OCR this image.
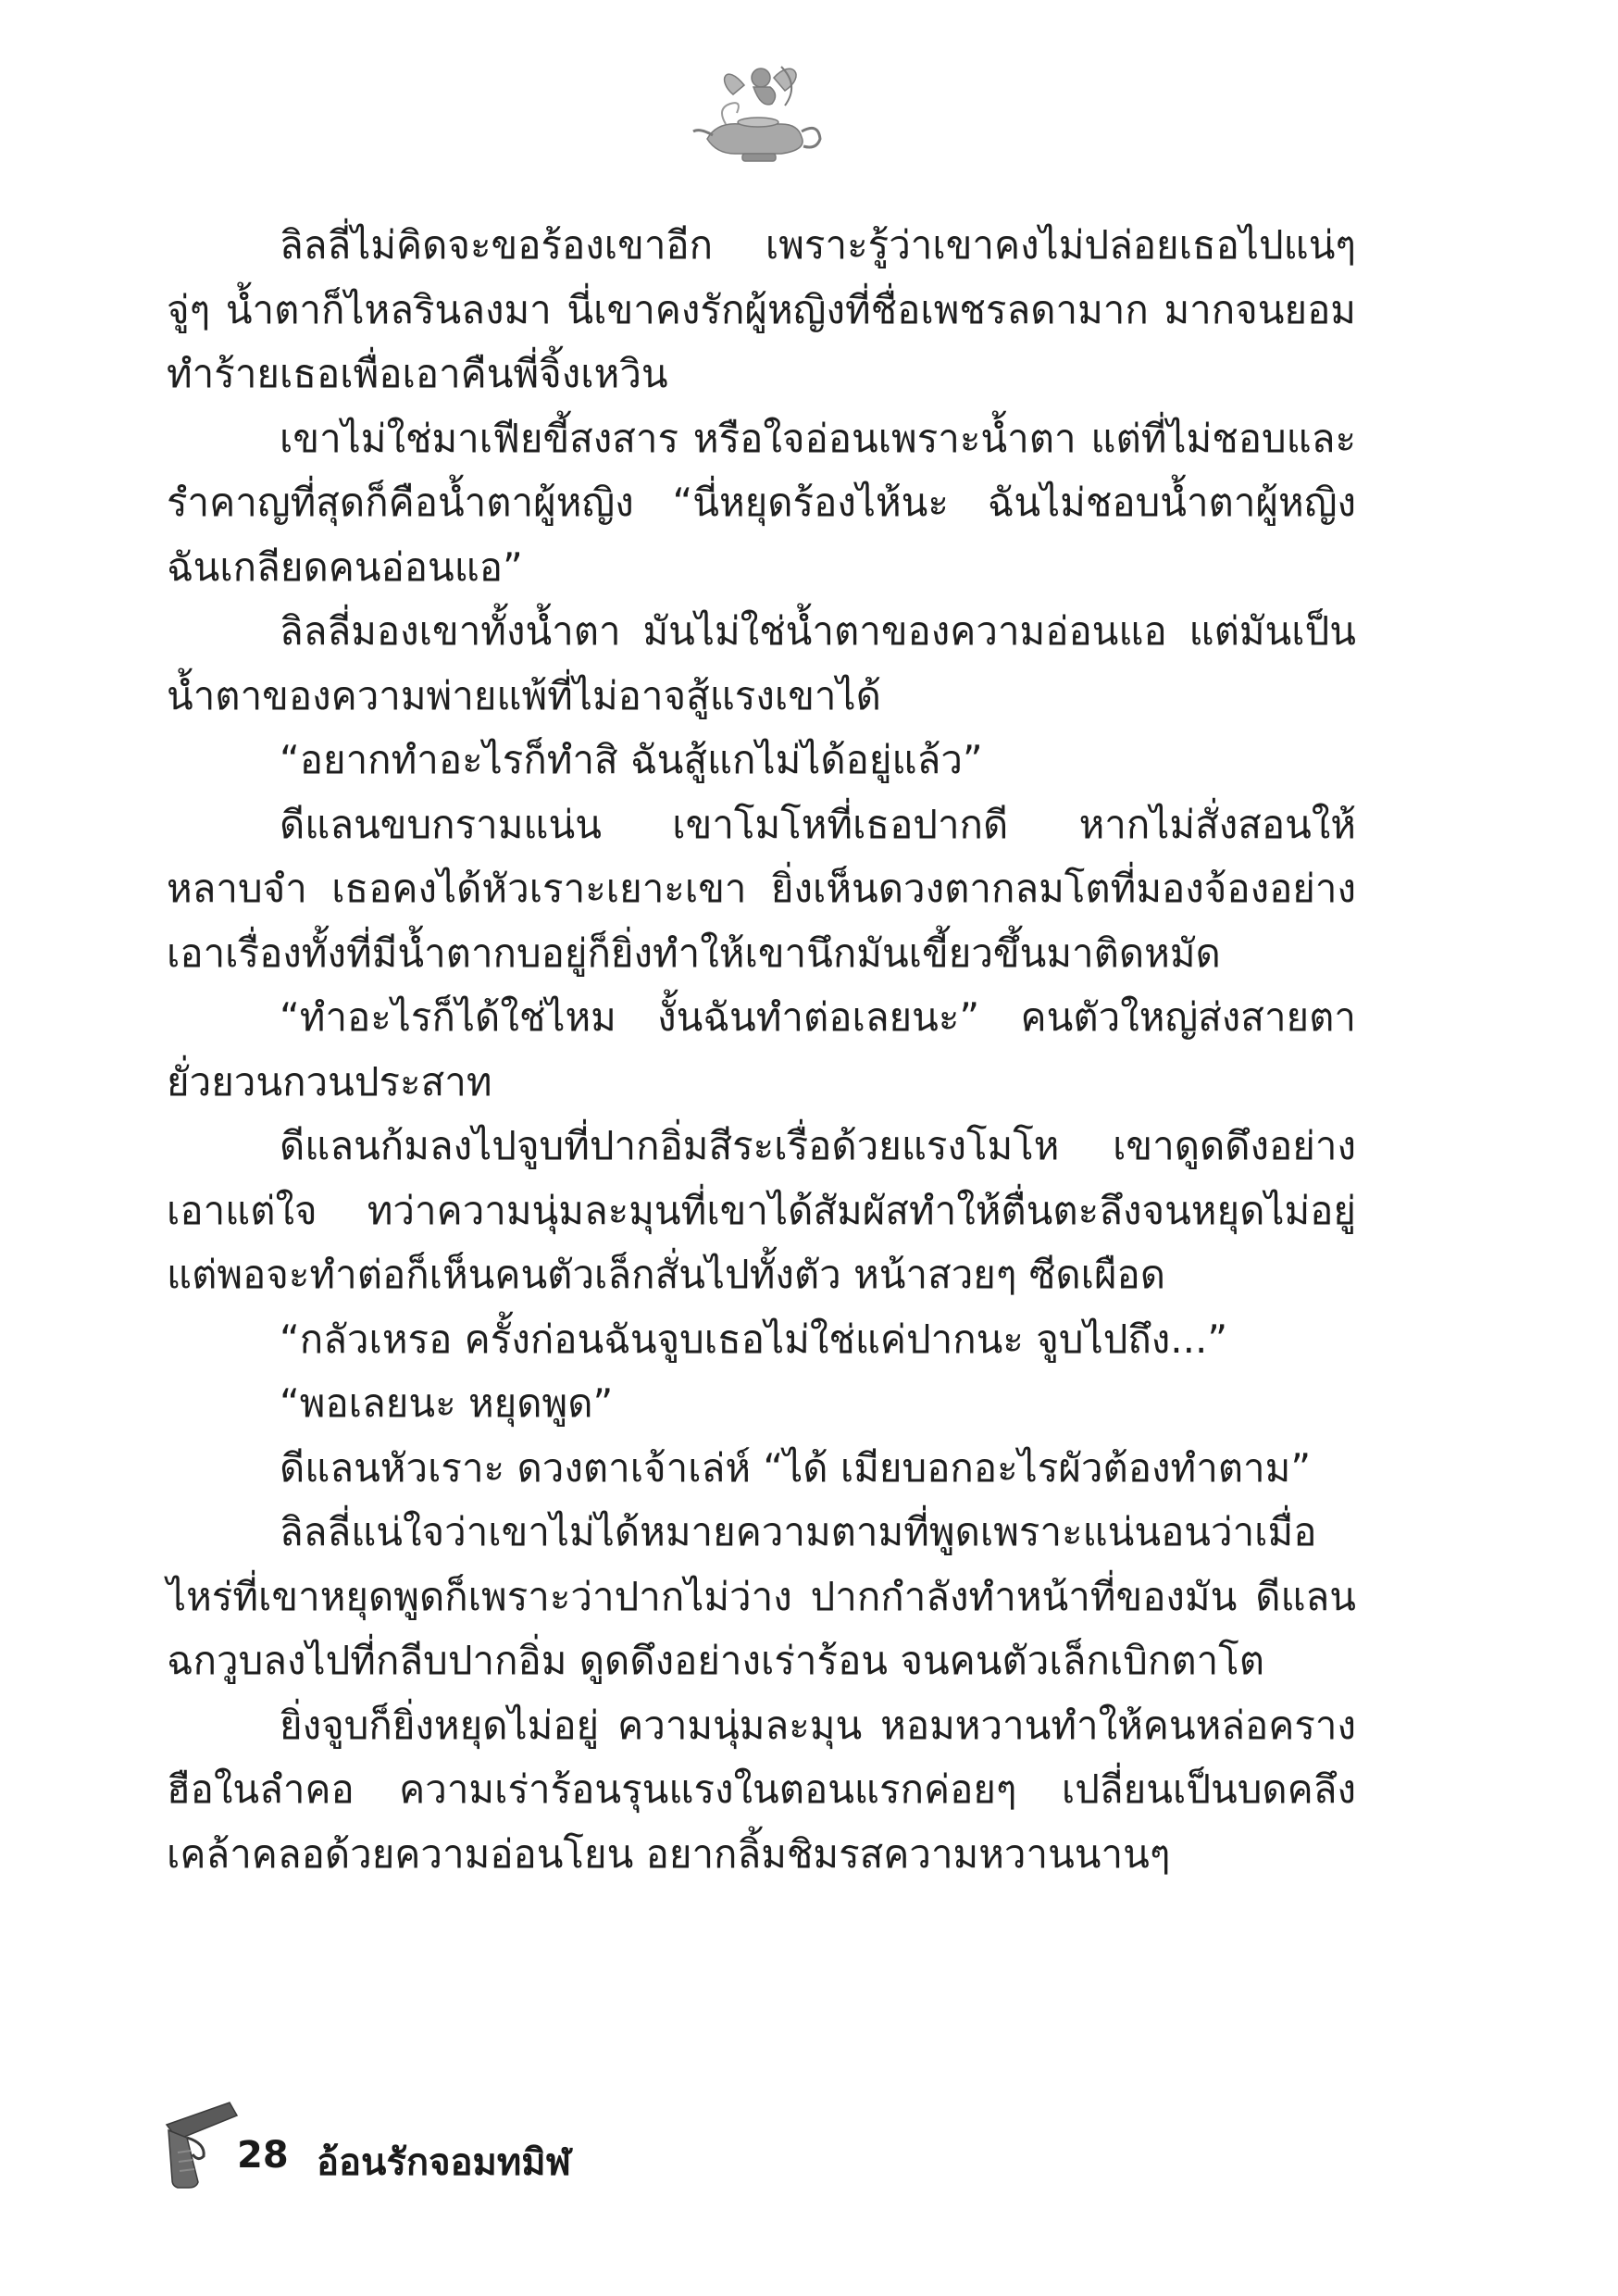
ลิลลี่ไม่คิดจะขอร้องเขาอีก เพราะรู้ว่าเขาคงไม่ปล่อยเธอไปแน่ๆ จู่ๆ น้ำตาก็ไหลรินลงมา นี่เขาคงรักผู้หญิงที่ชื่อเพชรลดามาก มากจนยอมทำร้ายเธอเพื่อเอาคืนพี่จิ้งเหวิน

เขาไม่ใช่มาเฟียขี้สงสาร หรือใจอ่อนเพราะน้ำตา แต่ที่ไม่ชอบและรำคาญที่สุดก็คือน้ำตาผู้หญิง “นี่หยุดร้องไห้นะ ฉันไม่ชอบน้ำตาผู้หญิง ฉันเกลียดคนอ่อนแอ”

ลิลลี่มองเขาทั้งน้ำตา มันไม่ใช่น้ำตาของความอ่อนแอ แต่มันเป็นน้ำตาของความพ่ายแพ้ที่ไม่อาจสู้แรงเขาได้

“อยากทำอะไรก็ทำสิ ฉันสู้แกไม่ได้อยู่แล้ว”

ดีแลนขบกรามแน่น เขาโมโหที่เธอปากดี หากไม่สั่งสอนให้หลาบจำ เธอคงได้หัวเราะเยาะเขา ยิ่งเห็นดวงตากลมโตที่มองจ้องอย่างเอาเรื่องทั้งที่มีน้ำตากบอยู่ก็ยิ่งทำให้เขานึกมันเขี้ยวขึ้นมาติดหมัด

“ทำอะไรก็ได้ใช่ไหม งั้นฉันทำต่อเลยนะ” คนตัวใหญ่ส่งสายตายั่วยวนกวนประสาท

ดีแลนก้มลงไปจูบที่ปากอิ่มสีระเรื่อด้วยแรงโมโห เขาดูดดึงอย่างเอาแต่ใจ ทว่าความนุ่มละมุนที่เขาได้สัมผัสทำให้ตื่นตะลึงจนหยุดไม่อยู่ แต่พอจะทำต่อก็เห็นคนตัวเล็กสั่นไปทั้งตัว หน้าสวยๆ ซีดเผือด

“กลัวเหรอ ครั้งก่อนฉันจูบเธอไม่ใช่แค่ปากนะ จูบไปถึง...”

“พอเลยนะ หยุดพูด”

ดีแลนหัวเราะ ดวงตาเจ้าเล่ห์ “ได้ เมียบอกอะไรผัวต้องทำตาม”

ลิลลี่แน่ใจว่าเขาไม่ได้หมายความตามที่พูดเพราะแน่นอนว่าเมื่อไหร่ที่เขาหยุดพูดก็เพราะว่าปากไม่ว่าง ปากกำลังทำหน้าที่ของมัน ดีแลนฉกวูบลงไปที่กลีบปากอิ่ม ดูดดึงอย่างเร่าร้อน จนคนตัวเล็กเบิกตาโต

ยิ่งจูบก็ยิ่งหยุดไม่อยู่ ความนุ่มละมุน หอมหวานทำให้คนหล่อครางฮือในลำคอ ความเร่าร้อนรุนแรงในตอนแรกค่อยๆ เปลี่ยนเป็นบดคลึงเคล้าคลอด้วยความอ่อนโยน อยากลิ้มชิมรสความหวานนานๆ

28 อ้อนรักจอมทมิฬ
